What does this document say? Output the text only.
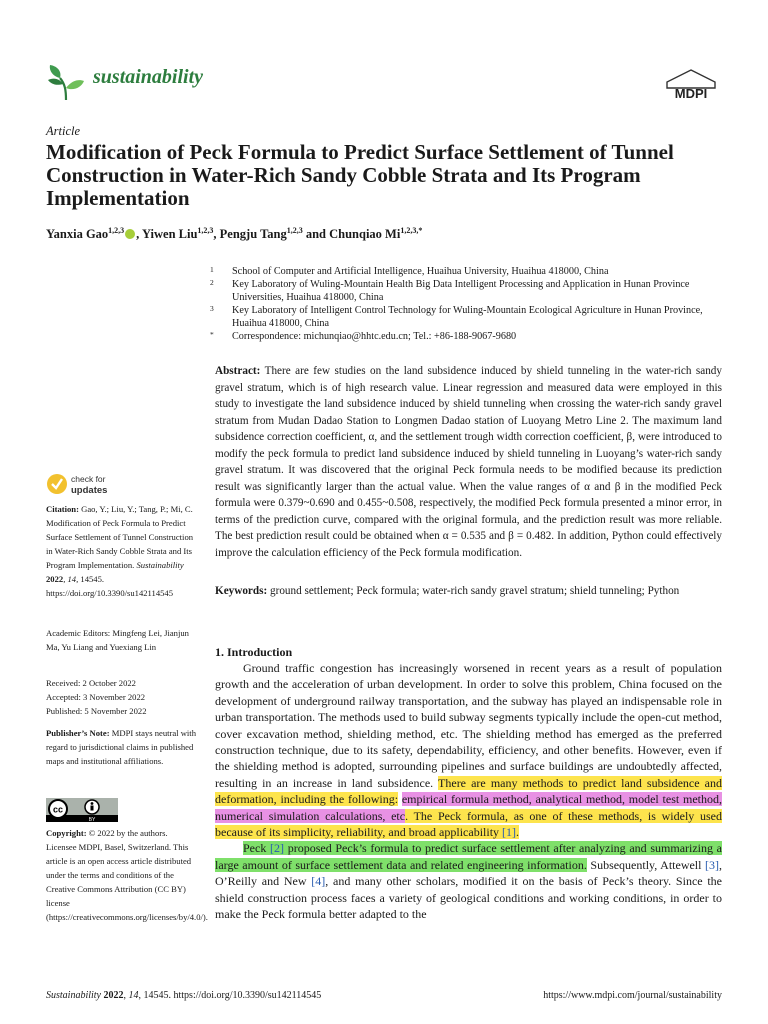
sustainability
MDPI
Article
Modification of Peck Formula to Predict Surface Settlement of Tunnel Construction in Water-Rich Sandy Cobble Strata and Its Program Implementation
Yanxia Gao$^{1,2,3}$ , Yiwen Liu$^{1,2,3}$, Pengju Tang$^{1,2,3}$ and Chunqiao $Mi^{1,2,3,*}$
1 School of Computer and Artificial Intelligence, Huaihua University, Huaihua 418000, China
2 Key Laboratory of Wuling-Mountain Health Big Data Intelligent Processing and Application in Hunan Province Universities, Huaihua 418000, China
3 Key Laboratory of Intelligent Control Technology for Wuling-Mountain Ecological Agriculture in Hunan Province, Huaihua 418000, China
* Correspondence: michunqiao@hhtc.edu.cn; Tel.: +86-188-9067-9680
Abstract: There are few studies on the land subsidence induced by shield tunneling in the water-rich sandy gravel stratum, which is of high research value. Linear regression and measured data were employed in this study to investigate the land subsidence induced by shield tunneling when crossing the water-rich sandy gravel stratum from Mudan Dadao Station to Longmen Dadao station of Luoyang Metro Line 2. The maximum land subsidence correction coefficient, α, and the settlement trough width correction coefficient, β, were introduced to modify the peck formula to predict land subsidence induced by shield tunneling in Luoyang’s water-rich sandy gravel stratum. It was discovered that the original Peck formula needs to be modified because its prediction result was significantly larger than the actual value. When the value ranges of α and β in the modified Peck formula were 0.379~0.690 and 0.455~0.508, respectively, the modified Peck formula presented a minor error, in terms of the prediction curve, compared with the original formula, and the prediction result was more reliable. The best prediction result could be obtained when α = 0.535 and β = 0.482. In addition, Python could effectively improve the calculation efficiency of the Peck formula modification.
Keywords: ground settlement; Peck formula; water-rich sandy gravel stratum; shield tunneling; Python
check for
updates
Citation: Gao, Y.; Liu, Y.; Tang, P.; Mi, C. Modification of Peck Formula to Predict Surface Settlement of Tunnel Construction in Water-Rich Sandy Cobble Strata and Its Program Implementation. Sustainability 2022, 14, 14545. https://doi.org/10.3390/su142114545
Academic Editors: Mingfeng Lei, Jianjun Ma, Yu Liang and Yuexiang Lin
Received: 2 October 2022
Accepted: 3 November 2022
Published: 5 November 2022
Publisher’s Note: MDPI stays neutral with regard to jurisdictional claims in published maps and institutional affiliations.
cc
BY
Copyright: © 2022 by the authors. Licensee MDPI, Basel, Switzerland. This article is an open access article distributed under the terms and conditions of the Creative Commons Attribution (CC BY) license (https://creativecommons.org/licenses/by/4.0/).
1. Introduction
Ground traffic congestion has increasingly worsened in recent years as a result of population growth and the acceleration of urban development. In order to solve this problem, China focused on the development of underground railway transportation, and the subway has played an indispensable role in urban transportation. The methods used to build subway segments typically include the open-cut method, cover excavation method, shielding method, etc. The shielding method has emerged as the preferred construction technique, due to its safety, dependability, efficiency, and other benefits. However, even if the shielding method is adopted, surrounding pipelines and surface buildings are undoubtedly affected, resulting in an increase in land subsidence. There are many methods to predict land subsidence and deformation, including the following: empirical formula method, analytical method, model test method, numerical simulation calculations, etc. The Peck formula, as one of these methods, is widely used because of its simplicity, reliability, and broad applicability [1].
Peck [2] proposed Peck’s formula to predict surface settlement after analyzing and summarizing a large amount of surface settlement data and related engineering information. Subsequently, Attewell [3], O’Reilly and New [4], and many other scholars, modified it on the basis of Peck’s theory. Since the shield construction process faces a variety of geological conditions and working conditions, in order to make the Peck formula better adapted to the
Sustainability 2022, 14, 14545. https://doi.org/10.3390/su142114545	https://www.mdpi.com/journal/sustainability
